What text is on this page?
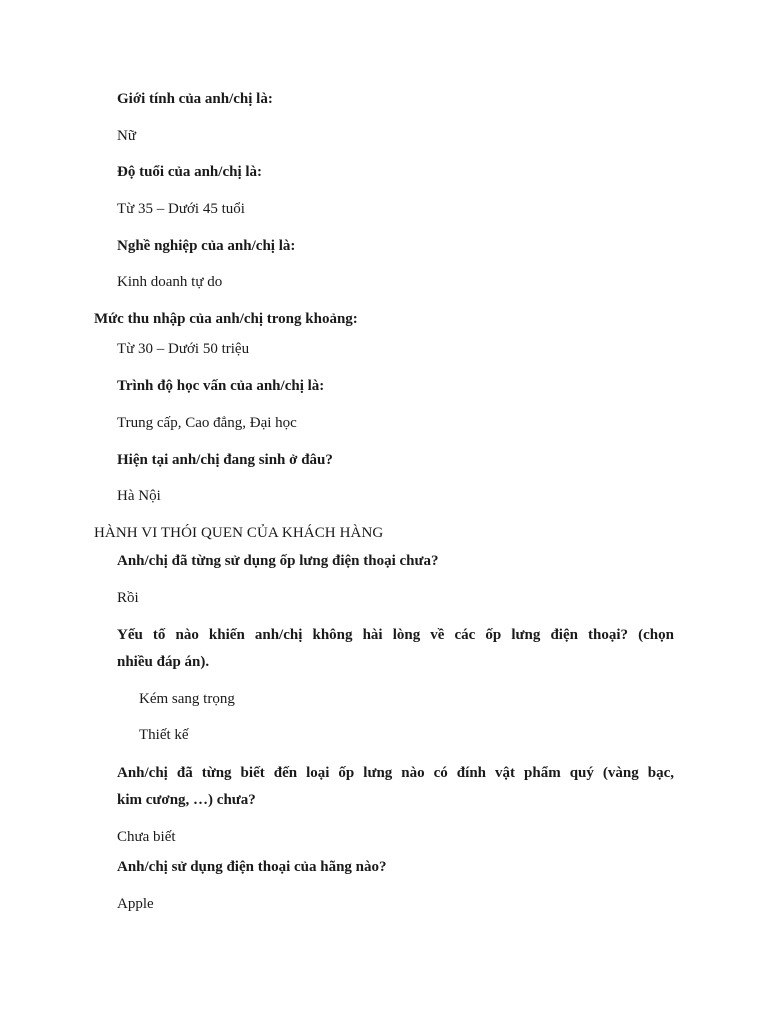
Giới tính của anh/chị là:
Nữ
Độ tuổi của anh/chị là:
Từ 35 – Dưới 45 tuổi
Nghề nghiệp của anh/chị là:
Kinh doanh tự do
Mức thu nhập của anh/chị trong khoảng:
Từ 30 – Dưới 50 triệu
Trình độ học vấn của anh/chị là:
Trung cấp, Cao đẳng, Đại học
Hiện tại anh/chị đang sinh ở đâu?
Hà Nội
HÀNH VI THÓI QUEN CỦA KHÁCH HÀNG
Anh/chị đã từng sử dụng ốp lưng điện thoại chưa?
Rồi
Yếu tố nào khiến anh/chị không hài lòng về các ốp lưng điện thoại? (chọn
nhiều đáp án).
Kém sang trọng
Thiết kế
Anh/chị đã từng biết đến loại ốp lưng nào có đính vật phẩm quý (vàng bạc,
kim cương, …) chưa?
Chưa biết
Anh/chị sử dụng điện thoại của hãng nào?
Apple
